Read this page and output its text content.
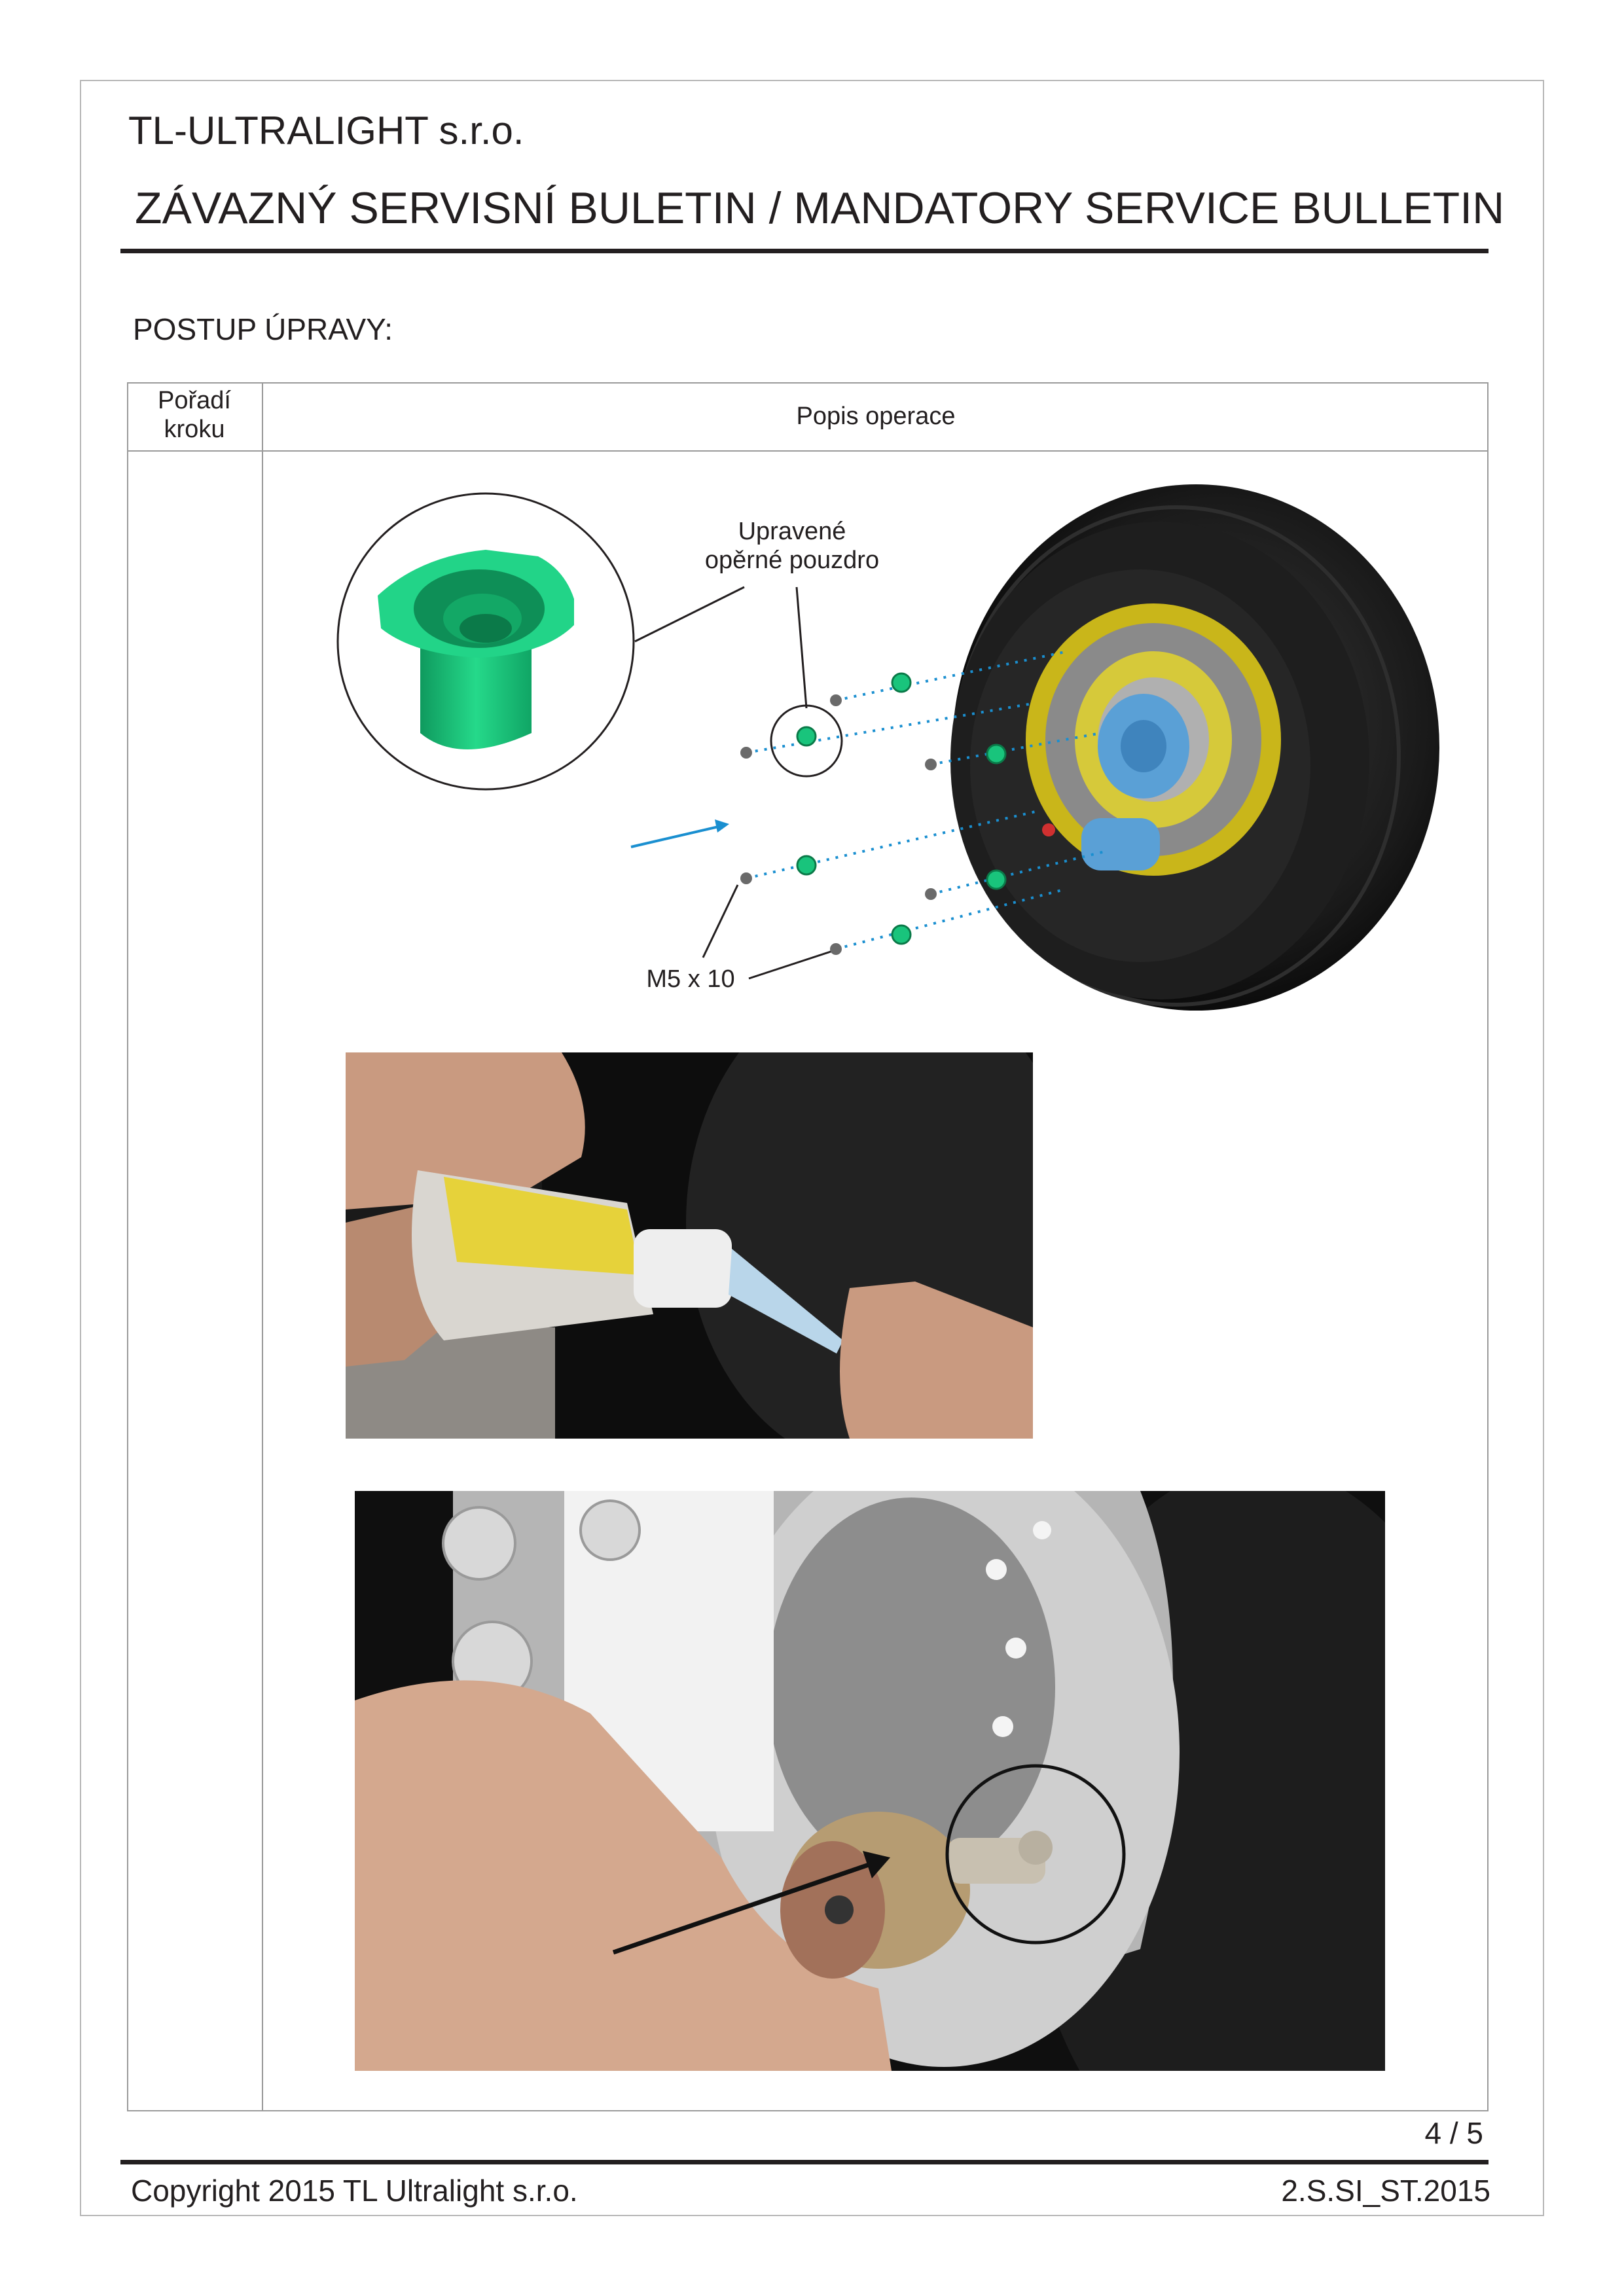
TL-ULTRALIGHT s.r.o.
ZÁVAZNÝ SERVISNÍ BULETIN / MANDATORY SERVICE BULLETIN
POSTUP ÚPRAVY:
Pořadí
kroku	Popis operace
Upravené
opěrné pouzdro
M5 x 10
4 / 5
Copyright 2015 TL Ultralight s.r.o.	2.S.SI_ST.2015
